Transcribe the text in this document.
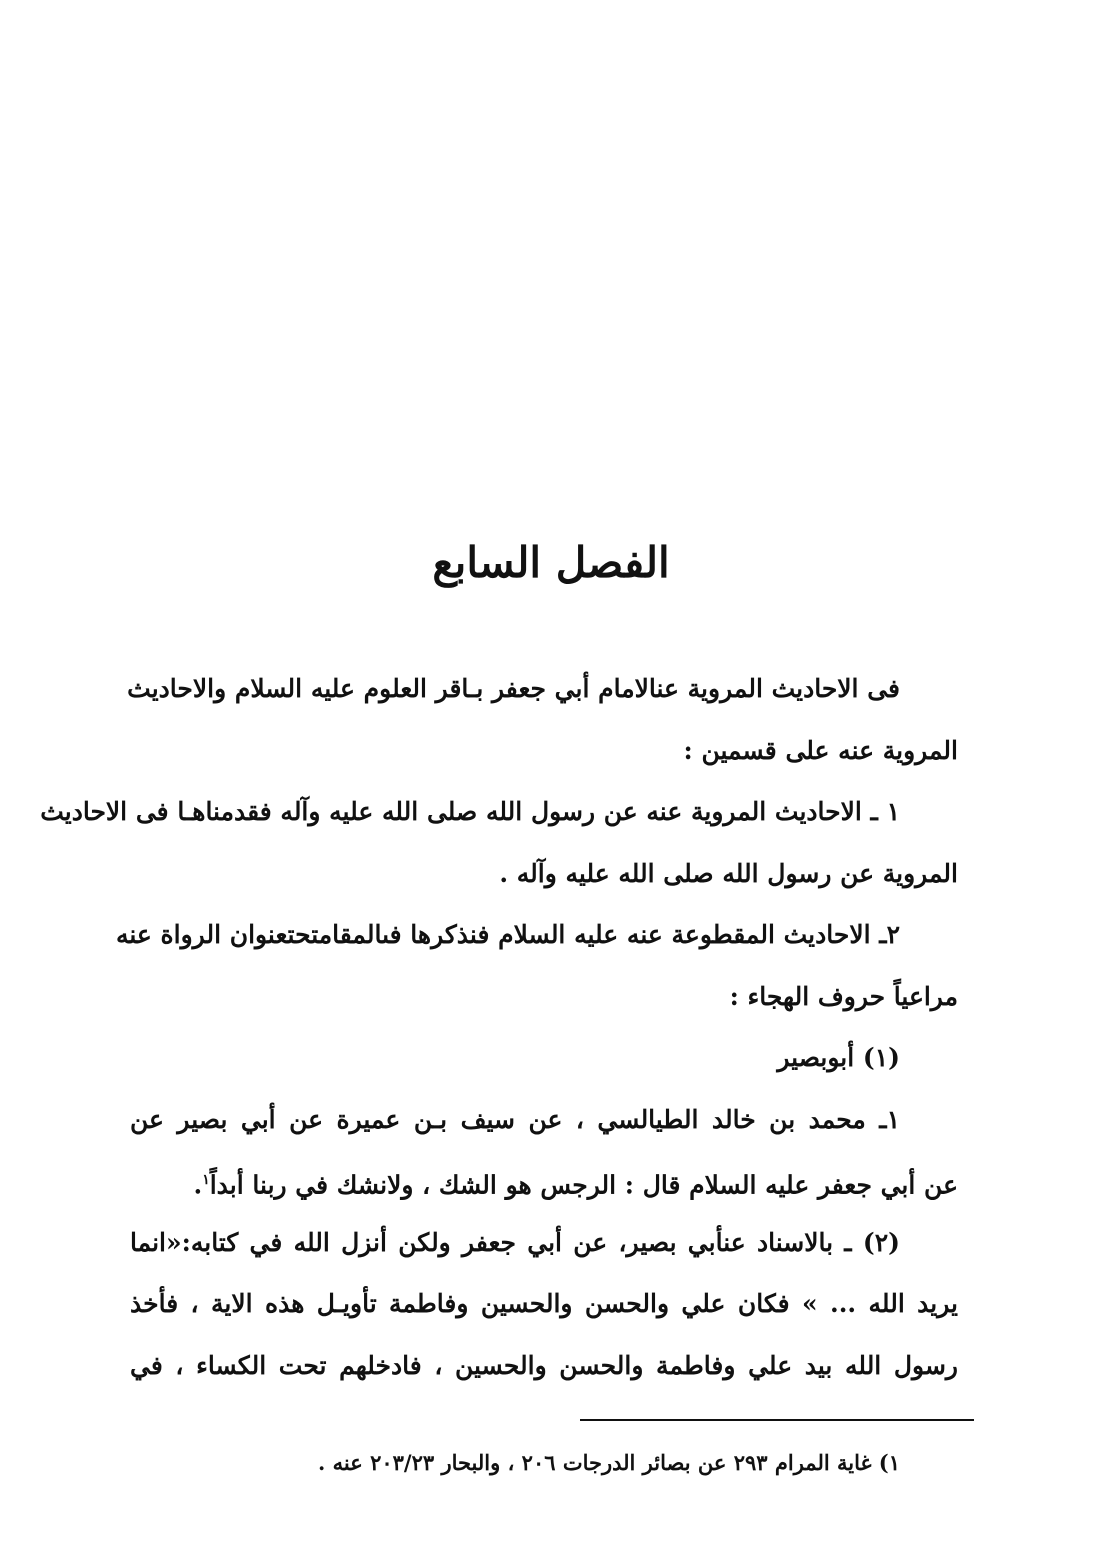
الفصل السابع
فى الاحاديث المروية عنالامام أبي جعفر بـاقر العلوم عليه السلام والاحاديث
المروية عنه على قسمين :
١ ـ الاحاديث المروية عنه عن رسول الله صلى الله عليه وآله فقدمناهـا فى الاحاديث
المروية عن رسول الله صلى الله عليه وآله .
٢ـ الاحاديث المقطوعة عنه عليه السلام فنذكرها فىالمقامتحتعنوان الرواة عنه
مراعياً حروف الهجاء :
(١) أبوبصير
١ـ محمد بن خالد الطيالسي ، عن سيف بـن عميرة عن أبي بصير عن
عن أبي جعفر عليه السلام قال : الرجس هو الشك ، ولانشك في ربنا أبداً$^١$.
(٢) ـ بالاسناد عنأبي بصير، عن أبي جعفر ولكن أنزل الله في كتابه:«انما
يريد الله ... » فكان علي والحسن والحسين وفاطمة تأويـل هذه الاية ، فأخذ
رسول الله بيد علي وفاطمة والحسن والحسين ، فادخلهم تحت الكساء ، في
١) غاية المرام ٢٩٣ عن بصائر الدرجات ٢٠٦ ، والبحار ٢٠٣/٢٣ عنه .
